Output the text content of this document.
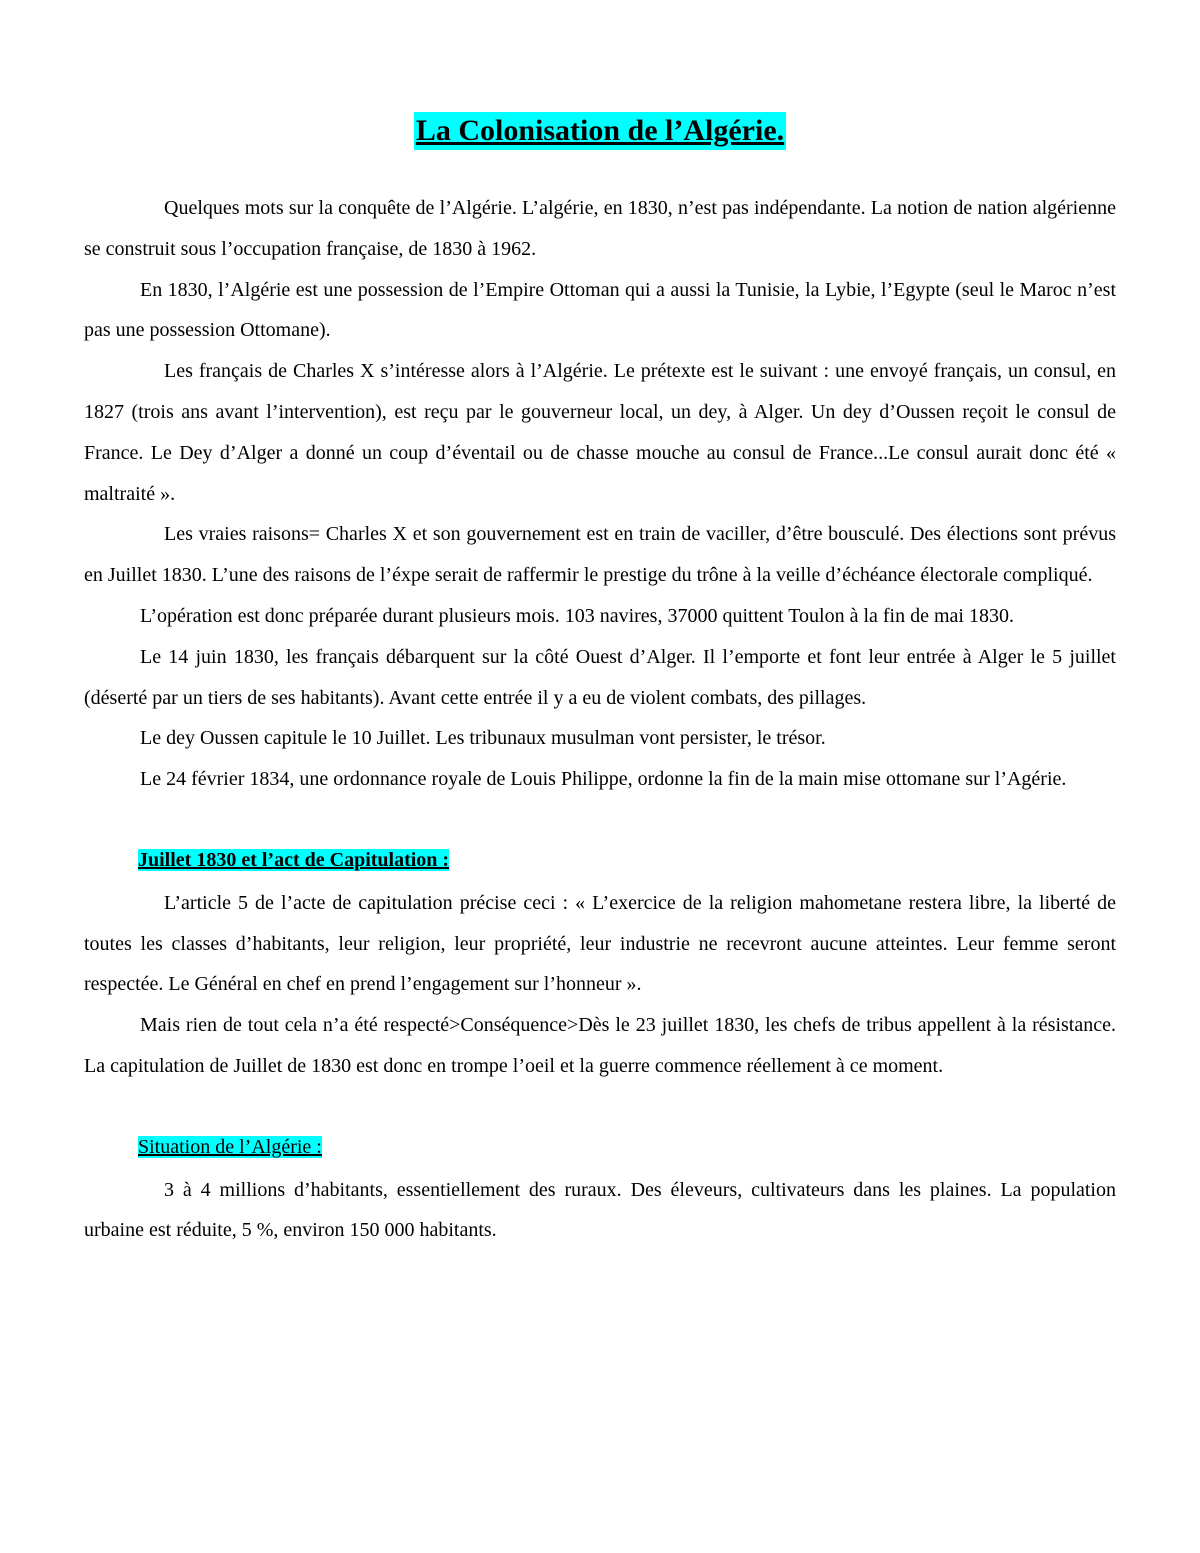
La Colonisation de l’Algérie.

Quelques mots sur la conquête de l’Algérie. L’algérie, en 1830, n’est pas indépendante. La notion de nation algérienne se construit sous l’occupation française, de 1830 à 1962.

En 1830, l’Algérie est une possession de l’Empire Ottoman qui a aussi la Tunisie, la Lybie, l’Egypte (seul le Maroc n’est pas une possession Ottomane).

Les français de Charles X s’intéresse alors à l’Algérie. Le prétexte est le suivant : une envoyé français, un consul, en 1827 (trois ans avant l’intervention), est reçu par le gouverneur local, un dey, à Alger. Un dey d’Oussen reçoit le consul de France. Le Dey d’Alger a donné un coup d’éventail ou de chasse mouche au consul de France...Le consul aurait donc été « maltraité ».

Les vraies raisons= Charles X et son gouvernement est en train de vaciller, d’être bousculé. Des élections sont prévus en Juillet 1830. L’une des raisons de l’éxpe serait de raffermir le prestige du trône à la veille d’échéance électorale compliqué.

L’opération est donc préparée durant plusieurs mois. 103 navires, 37000 quittent Toulon à la fin de mai 1830.

Le 14 juin 1830, les français débarquent sur la côté Ouest d’Alger. Il l’emporte et font leur entrée à Alger le 5 juillet (déserté par un tiers de ses habitants). Avant cette entrée il y a eu de violent combats, des pillages.

Le dey Oussen capitule le 10 Juillet. Les tribunaux musulman vont persister, le trésor.

Le 24 février 1834, une ordonnance royale de Louis Philippe, ordonne la fin de la main mise ottomane sur l’Agérie.

Juillet 1830 et l’act de Capitulation :

L’article 5 de l’acte de capitulation précise ceci : « L’exercice de la religion mahometane restera libre, la liberté de toutes les classes d’habitants, leur religion, leur propriété, leur industrie ne recevront aucune atteintes. Leur femme seront respectée. Le Général en chef en prend l’engagement sur l’honneur ».

Mais rien de tout cela n’a été respecté>Conséquence>Dès le 23 juillet 1830, les chefs de tribus appellent à la résistance. La capitulation de Juillet de 1830 est donc en trompe l’oeil et la guerre commence réellement à ce moment.

Situation de l’Algérie :

3 à 4 millions d’habitants, essentiellement des ruraux. Des éleveurs, cultivateurs dans les plaines. La population urbaine est réduite, 5 %, environ 150 000 habitants.
